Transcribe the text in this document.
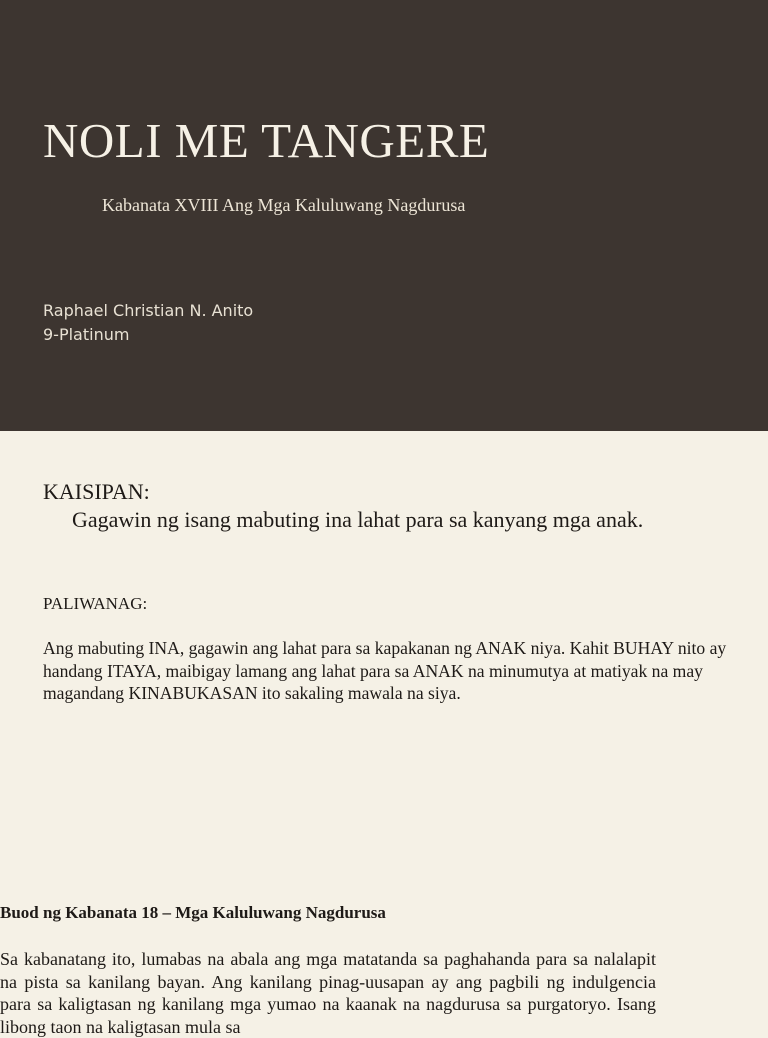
NOLI ME TANGERE
Kabanata XVIII Ang Mga Kaluluwang Nagdurusa
Raphael Christian N. Anito
9-Platinum
KAISIPAN:
Gagawin ng isang mabuting ina lahat para sa kanyang mga anak.
PALIWANAG:
Ang mabuting INA, gagawin ang lahat para sa kapakanan ng ANAK niya. Kahit BUHAY nito ay handang ITAYA, maibigay lamang ang lahat para sa ANAK na minumutya at matiyak na may magandang KINABUKASAN ito sakaling mawala na siya.
Buod ng Kabanata 18 – Mga Kaluluwang Nagdurusa
Sa kabanatang ito, lumabas na abala ang mga matatanda sa paghahanda para sa nalalapit na pista sa kanilang bayan. Ang kanilang pinag-uusapan ay ang pagbili ng indulgencia para sa kaligtasan ng kanilang mga yumao na kaanak na nagdurusa sa purgatoryo. Isang libong taon na kaligtasan mula sa
